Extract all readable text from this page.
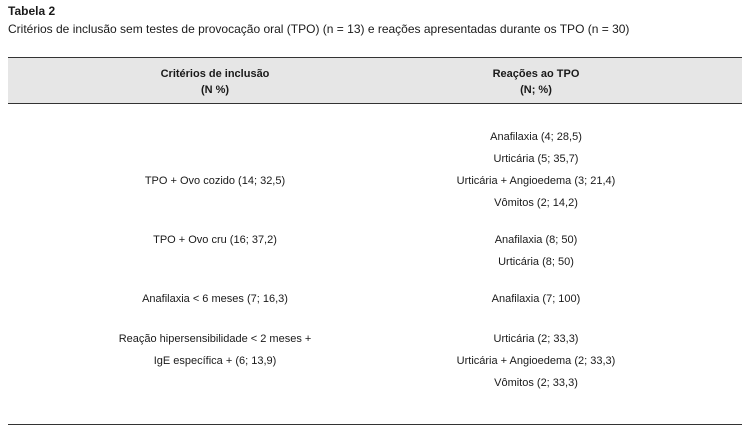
Tabela 2
Critérios de inclusão sem testes de provocação oral (TPO) (n = 13) e reações apresentadas durante os TPO (n = 30)
Critérios de inclusão
(N %)
Reações ao TPO
(N; %)
TPO + Ovo cozido (14; 32,5)
Anafilaxia (4; 28,5)
Urticária (5; 35,7)
Urticária + Angioedema (3; 21,4)
Vômitos (2; 14,2)
TPO + Ovo cru (16; 37,2)	Anafilaxia (8; 50)
Urticária (8; 50)
Anafilaxia < 6 meses (7; 16,3)	Anafilaxia (7; 100)
Reação hipersensibilidade < 2 meses +
IgE específica + (6; 13,9)
Urticária (2; 33,3)
Urticária + Angioedema (2; 33,3)
Vômitos (2; 33,3)
